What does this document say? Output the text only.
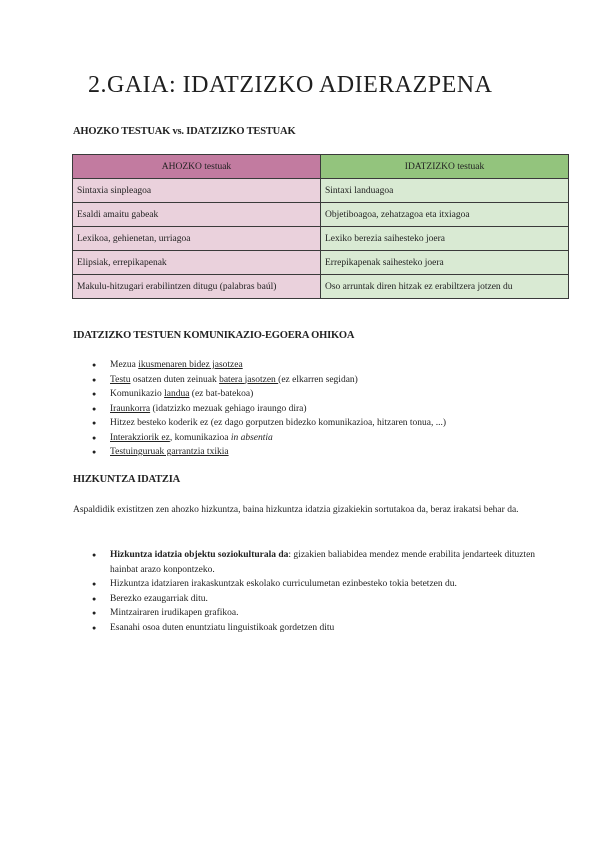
2.GAIA: IDATZIZKO ADIERAZPENA
AHOZKO TESTUAK vs. IDATZIZKO TESTUAK
AHOZKO testuak	IDATZIZKO testuak
Sintaxia sinpleagoa	Sintaxi landuagoa
Esaldi amaitu gabeak	Objetiboagoa, zehatzagoa eta itxiagoa
Lexikoa, gehienetan, urriagoa	Lexiko berezia saihesteko joera
Elipsiak, errepikapenak	Errepikapenak saihesteko joera
Makulu-hitzugari erabilintzen ditugu (palabras baúl)	Oso arruntak diren hitzak ez erabiltzera jotzen du
IDATZIZKO TESTUEN KOMUNIKAZIO-EGOERA OHIKOA
● Mezua ikusmenaren bidez jasotzea
● Testu osatzen duten zeinuak batera jasotzen (ez elkarren segidan)
● Komunikazio landua (ez bat-batekoa)
● Iraunkorra (idatzizko mezuak gehiago iraungo dira)
● Hitzez besteko koderik ez (ez dago gorputzen bidezko komunikazioa, hitzaren tonua, ...)
● Interakziorik ez, komunikazioa in absentia
● Testuinguruak garrantzia txikia
HIZKUNTZA IDATZIA

Aspaldidik existitzen zen ahozko hizkuntza, baina hizkuntza idatzia gizakiekin sortutakoa da, beraz irakatsi behar da.

● Hizkuntza idatzia objektu soziokulturala da: gizakien baliabidea mendez mende erabilita jendarteek dituzten hainbat arazo konpontzeko.
● Hizkuntza idatziaren irakaskuntzak eskolako curriculumetan ezinbesteko tokia betetzen du.
● Berezko ezaugarriak ditu.
● Mintzairaren irudikapen grafikoa.
● Esanahi osoa duten enuntziatu linguistikoak gordetzen ditu
